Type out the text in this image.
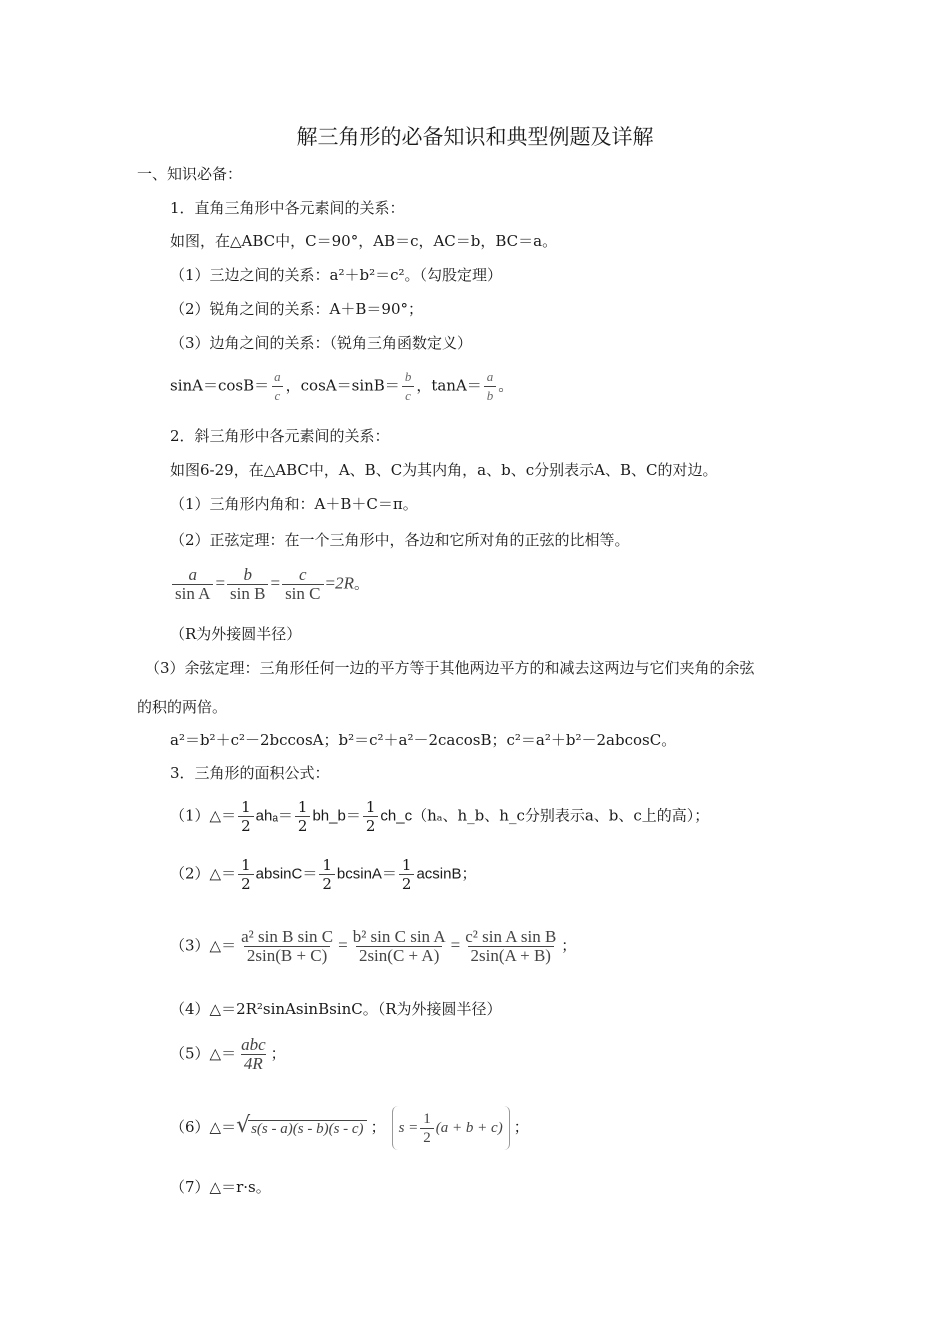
解三角形的必备知识和典型例题及详解
一、知识必备：
1．直角三角形中各元素间的关系：
如图，在△ABC中，C＝90°，AB＝c，AC＝b，BC＝a。
（1）三边之间的关系：a²＋b²＝c²。（勾股定理）
（2）锐角之间的关系：A＋B＝90°；
（3）边角之间的关系：（锐角三角函数定义）
$\sin A=\cos B= \frac{a}{c}$ ，$\cos A=\sin B= \frac{b}{c}$ ，$\tan A= \frac{a}{b}$ 。
2．斜三角形中各元素间的关系：
如图6-29，在△ABC中，A、B、C为其内角，a、b、c分别表示A、B、C的对边。
（1）三角形内角和：A＋B＋C＝π。
（2）正弦定理：在一个三角形中，各边和它所对角的正弦的比相等。
$\frac{a}{\text{sin A}} = \frac{b}{\text{sin B}} = \frac{c}{\text{sin C}} =2R$。
（R为外接圆半径）
（3）余弦定理：三角形任何一边的平方等于其他两边平方的和减去这两边与它们夹角的余弦
的积的两倍。
a²＝b²＋c²－2bccosA；b²＝c²＋a²－2cacosB；c²＝a²＋b²－2abcosC。
3．三角形的面积公式：
（1）△＝ $\frac{1}{2} ah_a= \frac{1}{2}$ bh_b＝ $\frac{1}{2}$ ch_c（hₐ、h_b、h_c分别表示a、b、c上的高）；
（2）△＝ $\frac{1}{2} absinC= \frac{1}{2} bcsinA= \frac{1}{2}$ acsinB；
（3）△＝ $\frac{\text{a² sin B sin C}}{2\sin(B + C)} = \frac{\text{b² sin C sin A}}{2\sin(C + A)} = \frac{\text{c² sin A sin B}}{2\sin(A + B)}$ ；
（4）△＝2R²sinAsinBsinC。（R为外接圆半径）
（5）△＝ $\frac{\text{abc}}{4R}$ ；
（6）△＝ √ s(s - a)(s - b)(s - c) ； $s = \frac{1}{2} (a + b + c)$ ；
（7）△＝r·s。
